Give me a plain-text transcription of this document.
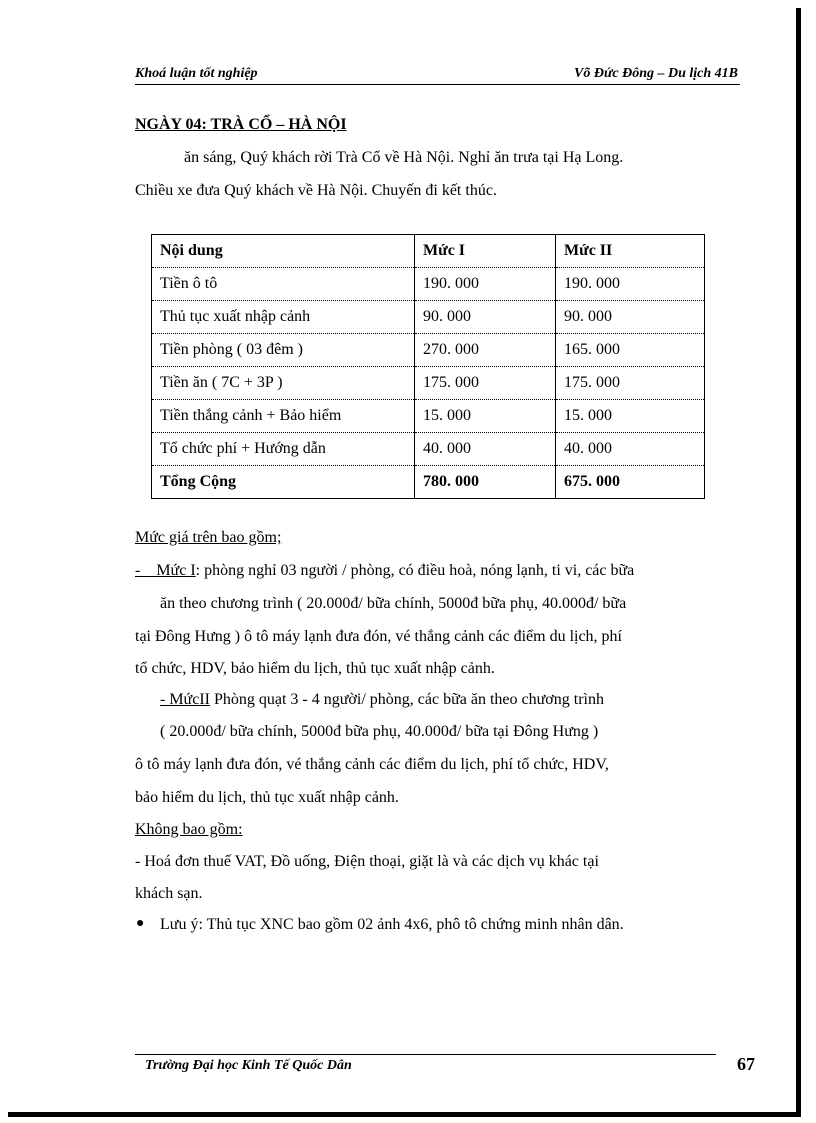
Khoá luận tốt nghiệp	Võ Đức Đông – Du lịch 41B
NGÀY 04: TRÀ CỔ – HÀ NỘI
ăn sáng, Quý khách rời Trà Cổ về Hà Nội. Nghỉ ăn trưa tại Hạ Long.
Chiều xe đưa Quý khách về Hà Nội. Chuyến đi kết thúc.
Nội dung	Mức I	Mức II
Tiền ô tô	190. 000	190. 000
Thủ tục xuất nhập cảnh	90. 000	90. 000
Tiền phòng ( 03 đêm )	270. 000	165. 000
Tiền ăn ( 7C + 3P )	175. 000	175. 000
Tiền thắng cảnh + Bảo hiểm	15. 000	15. 000
Tổ chức phí + Hướng dẫn	40. 000	40. 000
Tổng Cộng	780. 000	675. 000
Mức giá trên bao gồm;
-    Mức I: phòng nghỉ 03 người / phòng, có điều hoà, nóng lạnh, ti vi, các bữa
ăn theo chương trình ( 20.000đ/ bữa chính, 5000đ bữa phụ, 40.000đ/ bữa
tại Đông Hưng ) ô tô máy lạnh đưa đón, vé thắng cảnh các điểm du lịch, phí
tổ chức, HDV, bảo hiểm du lịch, thủ tục xuất nhập cảnh.
- MứcII Phòng quạt 3 - 4 người/ phòng, các bữa ăn theo chương trình
( 20.000đ/ bữa chính, 5000đ bữa phụ, 40.000đ/ bữa tại Đông Hưng )
ô tô máy lạnh đưa đón, vé thắng cảnh các điểm du lịch, phí tổ chức, HDV,
bảo hiểm du lịch, thủ tục xuất nhập cảnh.
Không bao gồm:
- Hoá đơn thuế VAT, Đồ uống, Điện thoại, giặt là và các dịch vụ khác tại
khách sạn.
● Lưu ý: Thủ tục XNC bao gồm 02 ảnh 4x6, phô tô chứng minh nhân dân.
Trường Đại học Kinh Tế Quốc Dân	67
